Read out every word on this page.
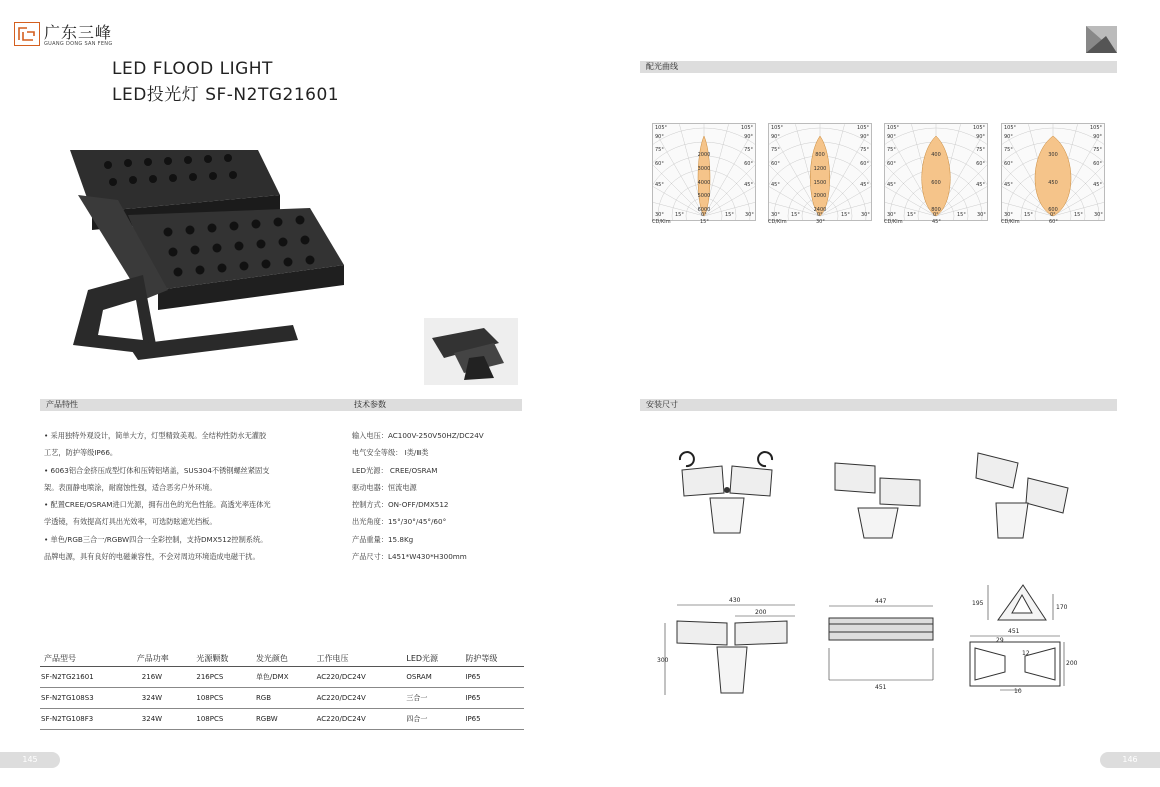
广东三峰
GUANG DONG SAN FENG
LED FLOOD LIGHT
LED投光灯 SF-N2TG21601
产品特性	技术参数
• 采用独特外观设计，简单大方，灯型精致美观。全结构性防水无灌胶
工艺，防护等级IP66。
• 6063铝合金挤压成型灯体和压铸铝堵盖，SUS304不锈钢螺丝紧固支
架。表面静电喷涂，耐腐蚀性强，适合恶劣户外环境。
• 配置CREE/OSRAM进口光源，拥有出色的光色性能。高透光率连体光
学透镜，有效提高灯具出光效率，可选防眩遮光挡板。
• 单色/RGB三合一/RGBW四合一全彩控制，支持DMX512控制系统。
品牌电源，具有良好的电磁兼容性，不会对周边环境造成电磁干扰。
输入电压：AC100V-250V50HZ/DC24V
电气安全等级： Ⅰ类/Ⅲ类
LED光源： CREE/OSRAM
驱动电器：恒流电源
控制方式：ON-OFF/DMX512
出光角度：15°/30°/45°/60°
产品重量：15.8Kg
产品尺寸：L451*W430*H300mm
产品型号	产品功率	光源颗数	发光颜色	工作电压	LED光源	防护等级
SF-N2TG21601	216W	216PCS	单色/DMX	AC220/DC24V	OSRAM	IP65
SF-N2TG108S3	324W	108PCS	RGB	AC220/DC24V	三合一	IP65
SF-N2TG108F3	324W	108PCS	RGBW	AC220/DC24V	四合一	IP65
配光曲线
安装尺寸
105°	105°
90°	90°
75°	75°
60°	60°
45°	45°
30° 15°	0°	15° 30°
2000
3000
4000
5000
6000
CD/Klm	15°
105°	105°
90°	90°
75°	75°
60°	60°
45°	45°
30° 15°	0°	15° 30°
800
1200
1500
2000
2400
CD/Klm	30°
105°	105°
90°	90°
75°	75°
60°	60°
45°	45°
30° 15°	0°	15° 30°
400
600
800
CD/Klm	45°
105°	105°
90°	90°
75°	75°
60°	60°
45°	45°
30° 15°	0°	15° 30°
300
450
600
CD/Klm	60°
430
200
300
447
451
195
170
451
29
12
200
10
145	146
